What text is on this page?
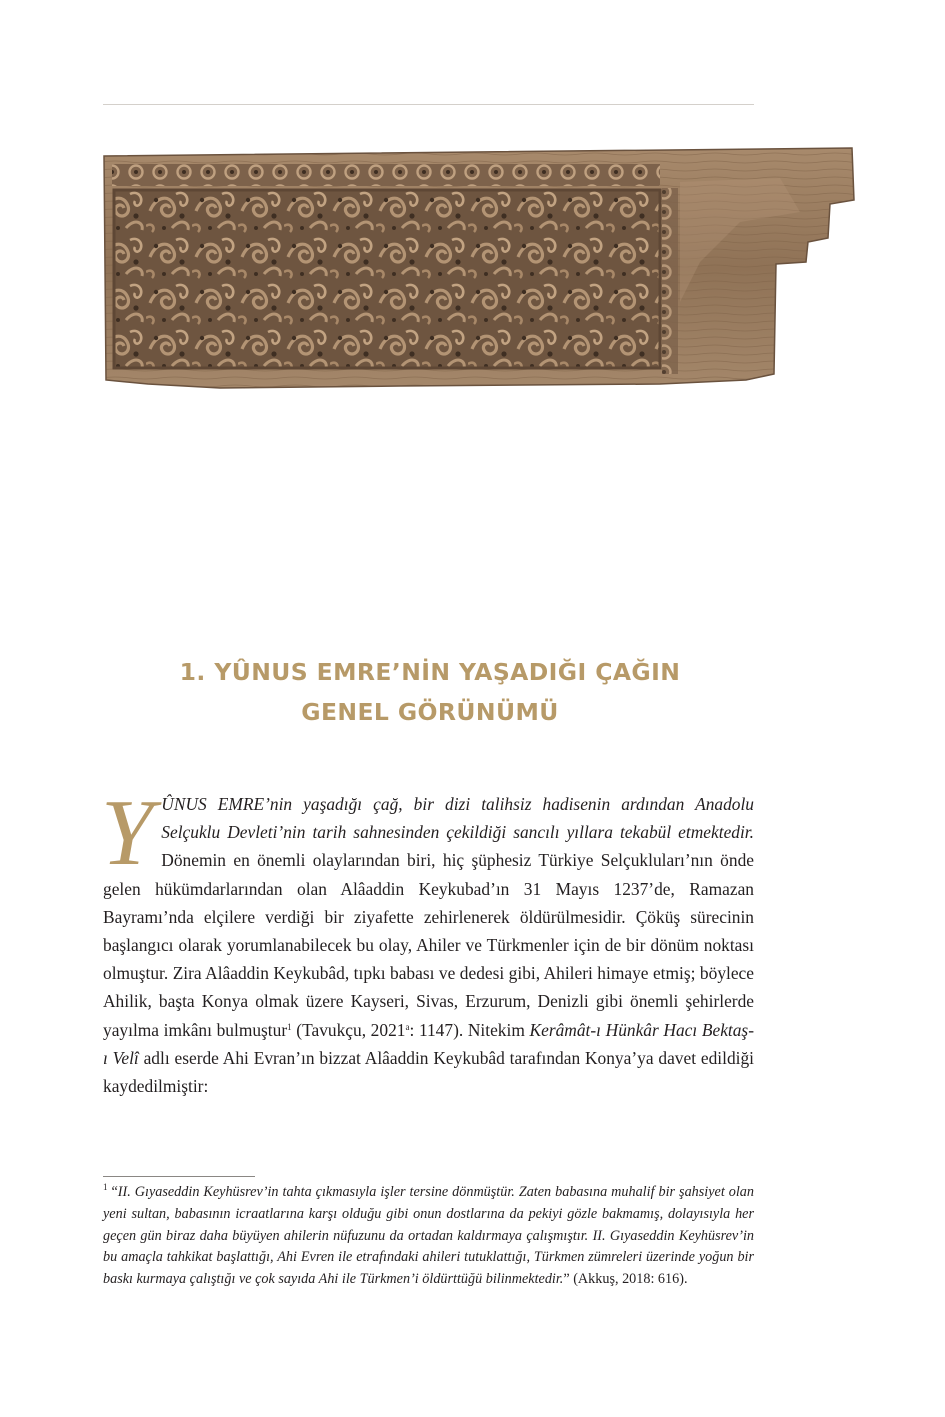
1. YÛNUS EMRE’NİN YAŞADIĞI ÇAĞIN
GENEL GÖRÜNÜMÜ
YÛNUS EMRE’nin yaşadığı çağ, bir dizi talihsiz hadisenin ardından Anadolu Selçuklu Devleti’nin tarih sahnesinden çekildiği sancılı yıllara tekabül etmektedir. Dönemin en önemli olaylarından biri, hiç şüphesiz Türkiye Selçukluları’nın önde gelen hükümdarlarından olan Alâaddin Keykubad’ın 31 Mayıs 1237’de, Ramazan Bayramı’nda elçilere verdiği bir ziyafette zehirlenerek öldürülmesidir. Çöküş sürecinin başlangıcı olarak yorumlanabilecek bu olay, Ahiler ve Türkmenler için de bir dönüm noktası olmuştur. Zira Alâaddin Keykubâd, tıpkı babası ve dedesi gibi, Ahileri himaye etmiş; böylece Ahilik, başta Konya olmak üzere Kayseri, Sivas, Erzurum, Denizli gibi önemli şehirlerde yayılma imkânı bulmuştur$^1$ (Tavukçu, 2021$^a$: 1147). Nitekim Kerâmât-ı Hünkâr Hacı Bektaş-ı Velî adlı eserde Ahi Evran’ın bizzat Alâaddin Keykubâd tarafından Konya’ya davet edildiği kaydedilmiştir:
$^1$ “II. Gıyaseddin Keyhüsrev’in tahta çıkmasıyla işler tersine dönmüştür. Zaten babasına muhalif bir şahsiyet olan yeni sultan, babasının icraatlarına karşı olduğu gibi onun dostlarına da pekiyi gözle bakmamış, dolayısıyla her geçen gün biraz daha büyüyen ahilerin nüfuzunu da ortadan kaldırmaya çalışmıştır. II. Gıyaseddin Keyhüsrev’in bu amaçla tahkikat başlattığı, Ahi Evren ile etrafındaki ahileri tutuklattığı, Türkmen zümreleri üzerinde yoğun bir baskı kurmaya çalıştığı ve çok sayıda Ahi ile Türkmen’i öldürttüğü bilinmektedir.” (Akkuş, 2018: 616).
